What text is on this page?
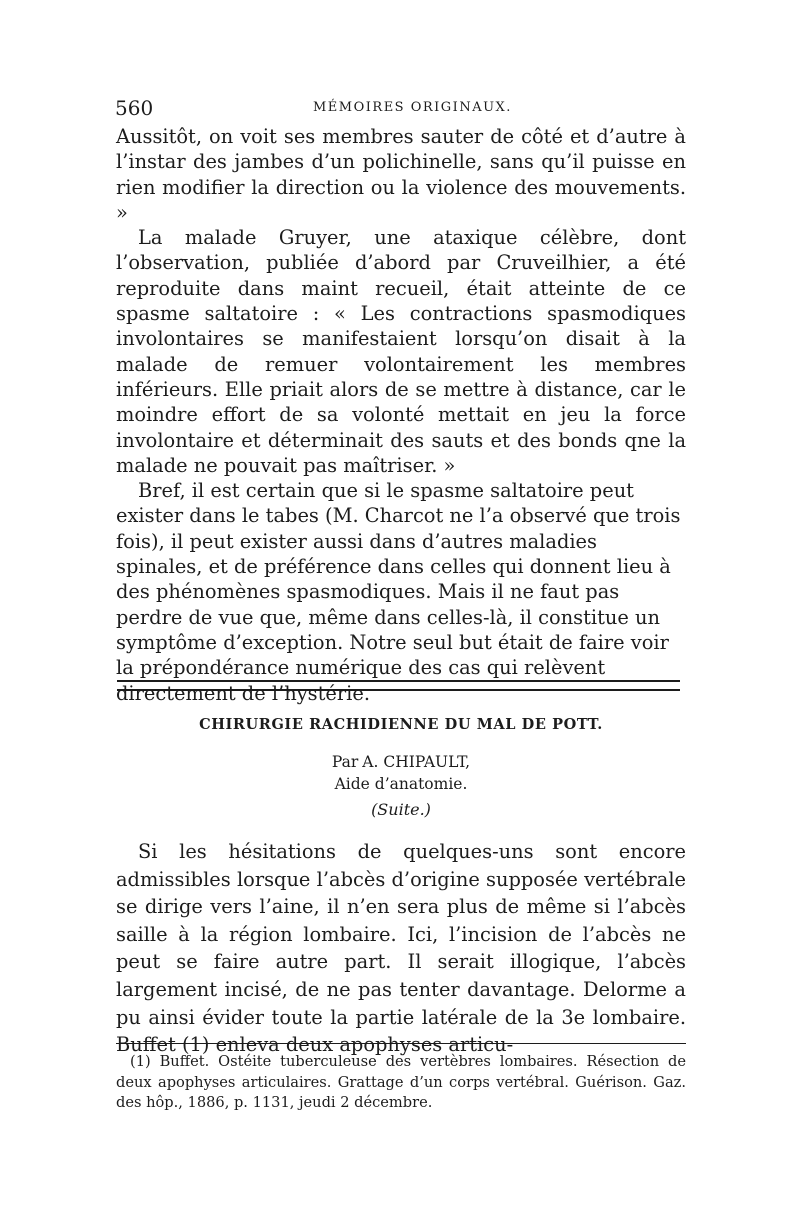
560	MÉMOIRES ORIGINAUX.

Aussitôt, on voit ses membres sauter de côté et d’autre à l’instar des jambes d’un polichinelle, sans qu’il puisse en rien modifier la direction ou la violence des mouvements. »

La malade Gruyer, une ataxique célèbre, dont l’observation, publiée d’abord par Cruveilhier, a été reproduite dans maint recueil, était atteinte de ce spasme saltatoire : « Les contractions spasmodiques involontaires se manifestaient lorsqu’on disait à la malade de remuer volontairement les membres inférieurs. Elle priait alors de se mettre à distance, car le moindre effort de sa volonté mettait en jeu la force involontaire et déterminait des sauts et des bonds qne la malade ne pouvait pas maîtriser. »

Bref, il est certain que si le spasme saltatoire peut exister dans le tabes (M. Charcot ne l’a observé que trois fois), il peut exister aussi dans d’autres maladies spinales, et de préférence dans celles qui donnent lieu à des phénomènes spasmodiques. Mais il ne faut pas perdre de vue que, même dans celles-là, il constitue un symptôme d’exception. Notre seul but était de faire voir la prépondérance numérique des cas qui relèvent directement de l’hystérie.

CHIRURGIE RACHIDIENNE DU MAL DE POTT.
Par A. CHIPAULT,
Aide d’anatomie.
(Suite.)

Si les hésitations de quelques-uns sont encore admissibles lorsque l’abcès d’origine supposée vertébrale se dirige vers l’aine, il n’en sera plus de même si l’abcès saille à la région lombaire. Ici, l’incision de l’abcès ne peut se faire autre part. Il serait illogique, l’abcès largement incisé, de ne pas tenter davantage. Delorme a pu ainsi évider toute la partie latérale de la 3e lombaire. Buffet (1) enleva deux apophyses articu-

(1) Buffet. Ostéite tuberculeuse des vertèbres lombaires. Résection de deux apophyses articulaires. Grattage d’un corps vertébral. Guérison. Gaz. des hôp., 1886, p. 1131, jeudi 2 décembre.
